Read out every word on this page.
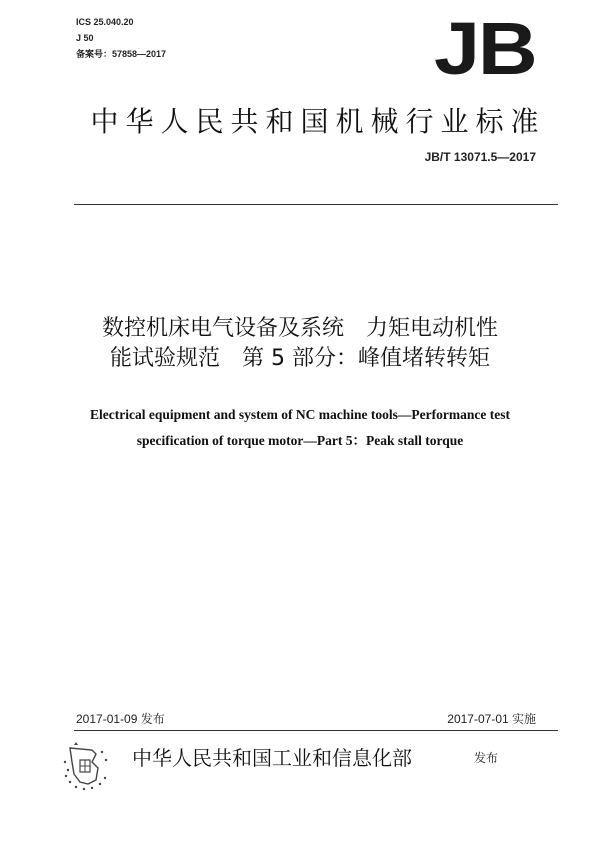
ICS 25.040.20
J 50
备案号：57858—2017	JB
中华人民共和国机械行业标准
JB/T 13071.5—2017
数控机床电气设备及系统　力矩电动机性
能试验规范　第 5 部分：峰值堵转转矩
Electrical equipment and system of NC machine tools—Performance test
specification of torque motor—Part 5：Peak stall torque
2017-01-09 发布	2017-07-01 实施
中华人民共和国工业和信息化部	发布
